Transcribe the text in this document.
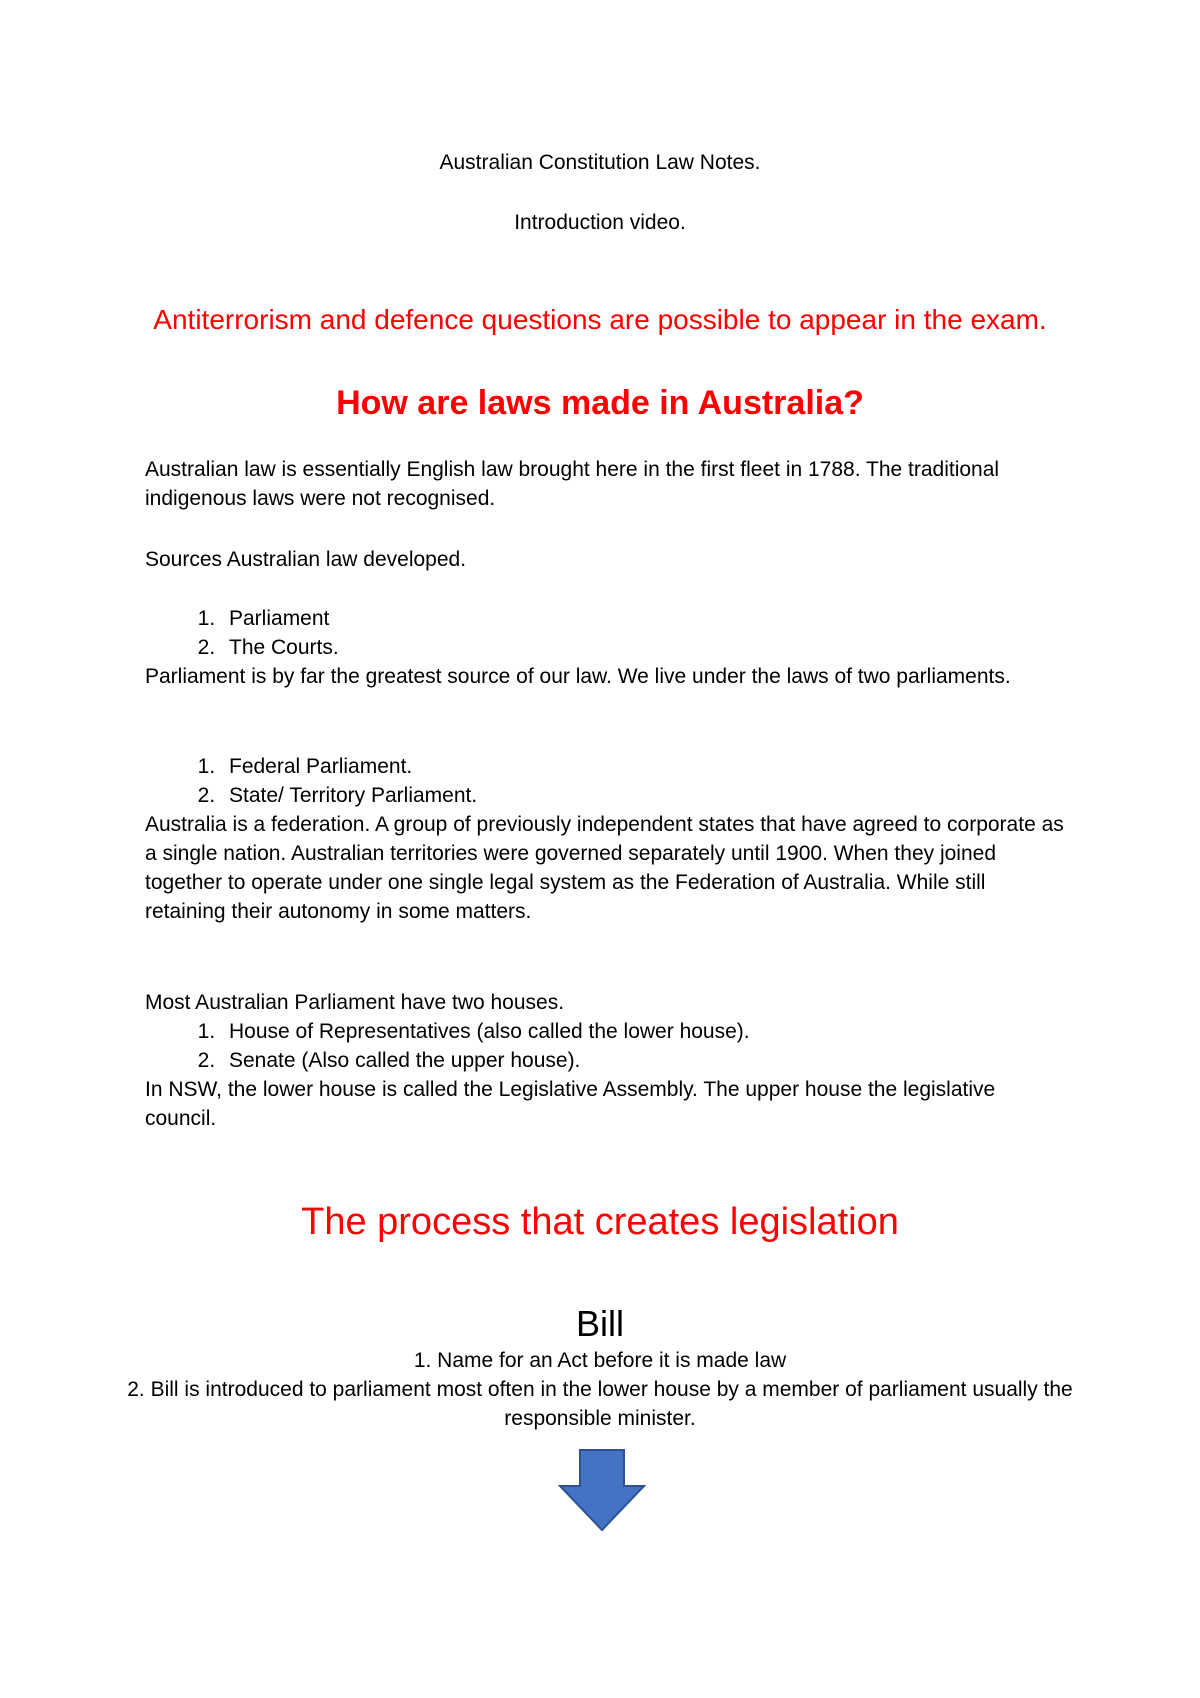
Australian Constitution Law Notes.
Introduction video.
Antiterrorism and defence questions are possible to appear in the exam.
How are laws made in Australia?

Australian law is essentially English law brought here in the first fleet in 1788. The traditional indigenous laws were not recognised.

Sources Australian law developed.
1. Parliament
2. The Courts.

Parliament is by far the greatest source of our law. We live under the laws of two parliaments.

1. Federal Parliament.
2. State/ Territory Parliament.

Australia is a federation. A group of previously independent states that have agreed to corporate as a single nation. Australian territories were governed separately until 1900. When they joined together to operate under one single legal system as the Federation of Australia. While still retaining their autonomy in some matters.

Most Australian Parliament have two houses.

1. House of Representatives (also called the lower house).
2. Senate (Also called the upper house).

In NSW, the lower house is called the Legislative Assembly. The upper house the legislative council.

The process that creates legislation
Bill
1. Name for an Act before it is made law
2. Bill is introduced to parliament most often in the lower house by a member of parliament usually the responsible minister.
